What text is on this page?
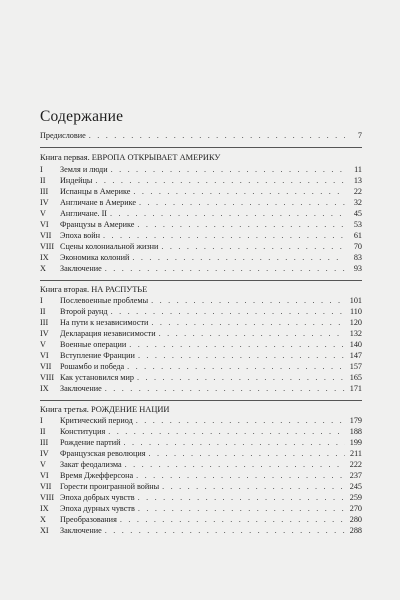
Содержание
Предисловие . . .	7
Книга первая. ЕВРОПА ОТКРЫВАЕТ АМЕРИКУ
I	Земля и люди . . .	11
II	Индейцы . . .	13
III	Испанцы в Америке . . .	22
IV	Англичане в Америке . . .	32
V	Англичане. II . . .	45
VI	Французы в Америке . . .	53
VII	Эпоха войн . . .	61
VIII Сцены колониальной жизни . . .	70
IX	Экономика колоний . . .	83
X	Заключение . . .	93
Книга вторая. НА РАСПУТЬЕ
I	Послевоенные проблемы . . .	101
II	Второй раунд . . .	110
III	На пути к независимости . . .	120
IV	Декларация независимости . . .	132
V	Военные операции . . .	140
VI	Вступление Франции . . .	147
VII	Рошамбо и победа . . .	157
VIII Как установился мир . . .	165
IX	Заключение . . .	171
Книга третья. РОЖДЕНИЕ НАЦИИ
I	Критический период . . .	179
II	Конституция . . .	188
III	Рождение партий . . .	199
IV	Французская революция . . .	211
V	Закат феодализма . . .	222
VI	Время Джефферсона . . .	237
VII	Горести проигранной войны . . .	245
VIII Эпоха добрых чувств . . .	259
IX	Эпоха дурных чувств . . .	270
X	Преобразования . . .	280
XI	Заключение . . .	288
